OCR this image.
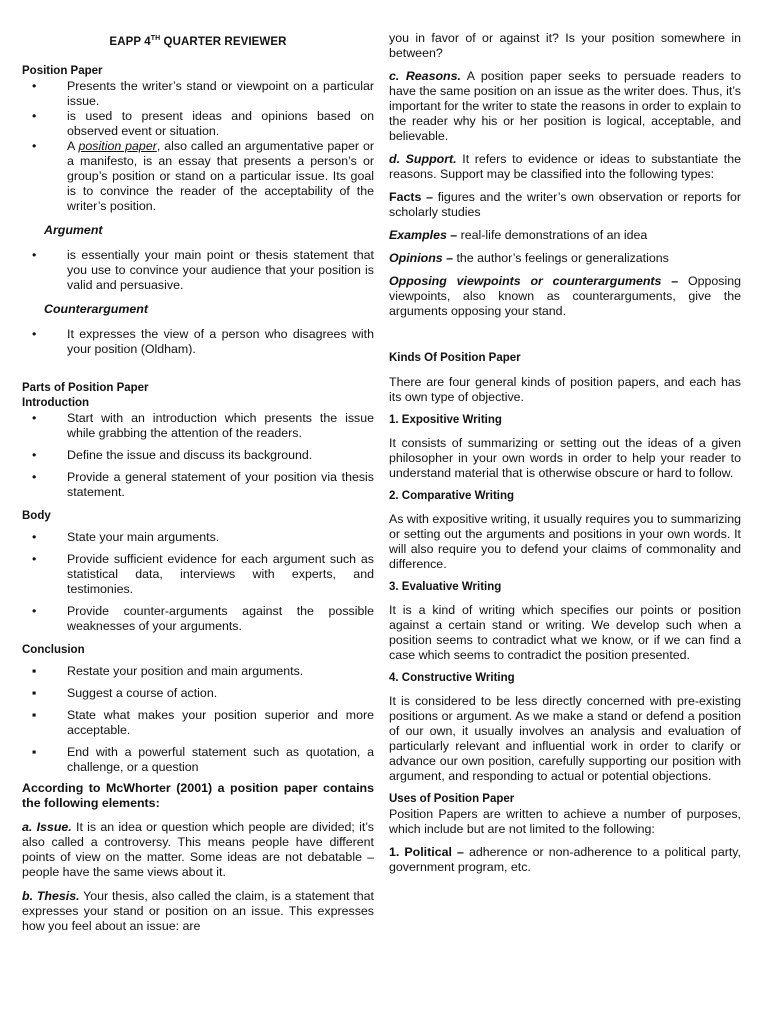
EAPP 4TH QUARTER REVIEWER

Position Paper

• Presents the writer’s stand or viewpoint on a particular issue.
• is used to present ideas and opinions based on observed event or situation.
• A position paper, also called an argumentative paper or a manifesto, is an essay that presents a person’s or group’s position or stand on a particular issue. Its goal is to convince the reader of the acceptability of the writer’s position.

Argument

• is essentially your main point or thesis statement that you use to convince your audience that your position is valid and persuasive.

Counterargument

• It expresses the view of a person who disagrees with your position (Oldham).

Parts of Position Paper

Introduction

• Start with an introduction which presents the issue while grabbing the attention of the readers.
• Define the issue and discuss its background.
• Provide a general statement of your position via thesis statement.

Body

• State your main arguments.
• Provide sufficient evidence for each argument such as statistical data, interviews with experts, and testimonies.
• Provide counter-arguments against the possible weaknesses of your arguments.

Conclusion

▪ Restate your position and main arguments.
▪ Suggest a course of action.
▪ State what makes your position superior and more acceptable.
▪ End with a powerful statement such as quotation, a challenge, or a question

According to McWhorter (2001) a position paper contains the following elements:

a. Issue. It is an idea or question which people are divided; it’s also called a controversy. This means people have different points of view on the matter. Some ideas are not debatable –people have the same views about it.

b. Thesis. Your thesis, also called the claim, is a statement that expresses your stand or position on an issue. This expresses how you feel about an issue: are

you in favor of or against it? Is your position somewhere in between?

c. Reasons. A position paper seeks to persuade readers to have the same position on an issue as the writer does. Thus, it’s important for the writer to state the reasons in order to explain to the reader why his or her position is logical, acceptable, and believable.

d. Support. It refers to evidence or ideas to substantiate the reasons. Support may be classified into the following types:

Facts – figures and the writer’s own observation or reports for scholarly studies

Examples – real-life demonstrations of an idea

Opinions – the author’s feelings or generalizations

Opposing viewpoints or counterarguments – Opposing viewpoints, also known as counterarguments, give the arguments opposing your stand.

Kinds Of Position Paper

There are four general kinds of position papers, and each has its own type of objective.

1. Expositive Writing

It consists of summarizing or setting out the ideas of a given philosopher in your own words in order to help your reader to understand material that is otherwise obscure or hard to follow.

2. Comparative Writing

As with expositive writing, it usually requires you to summarizing or setting out the arguments and positions in your own words. It will also require you to defend your claims of commonality and difference.

3. Evaluative Writing

It is a kind of writing which specifies our points or position against a certain stand or writing. We develop such when a position seems to contradict what we know, or if we can find a case which seems to contradict the position presented.

4. Constructive Writing

It is considered to be less directly concerned with pre-existing positions or argument. As we make a stand or defend a position of our own, it usually involves an analysis and evaluation of particularly relevant and influential work in order to clarify or advance our own position, carefully supporting our position with argument, and responding to actual or potential objections.

Uses of Position Paper

Position Papers are written to achieve a number of purposes, which include but are not limited to the following:

1. Political – adherence or non-adherence to a political party, government program, etc.
